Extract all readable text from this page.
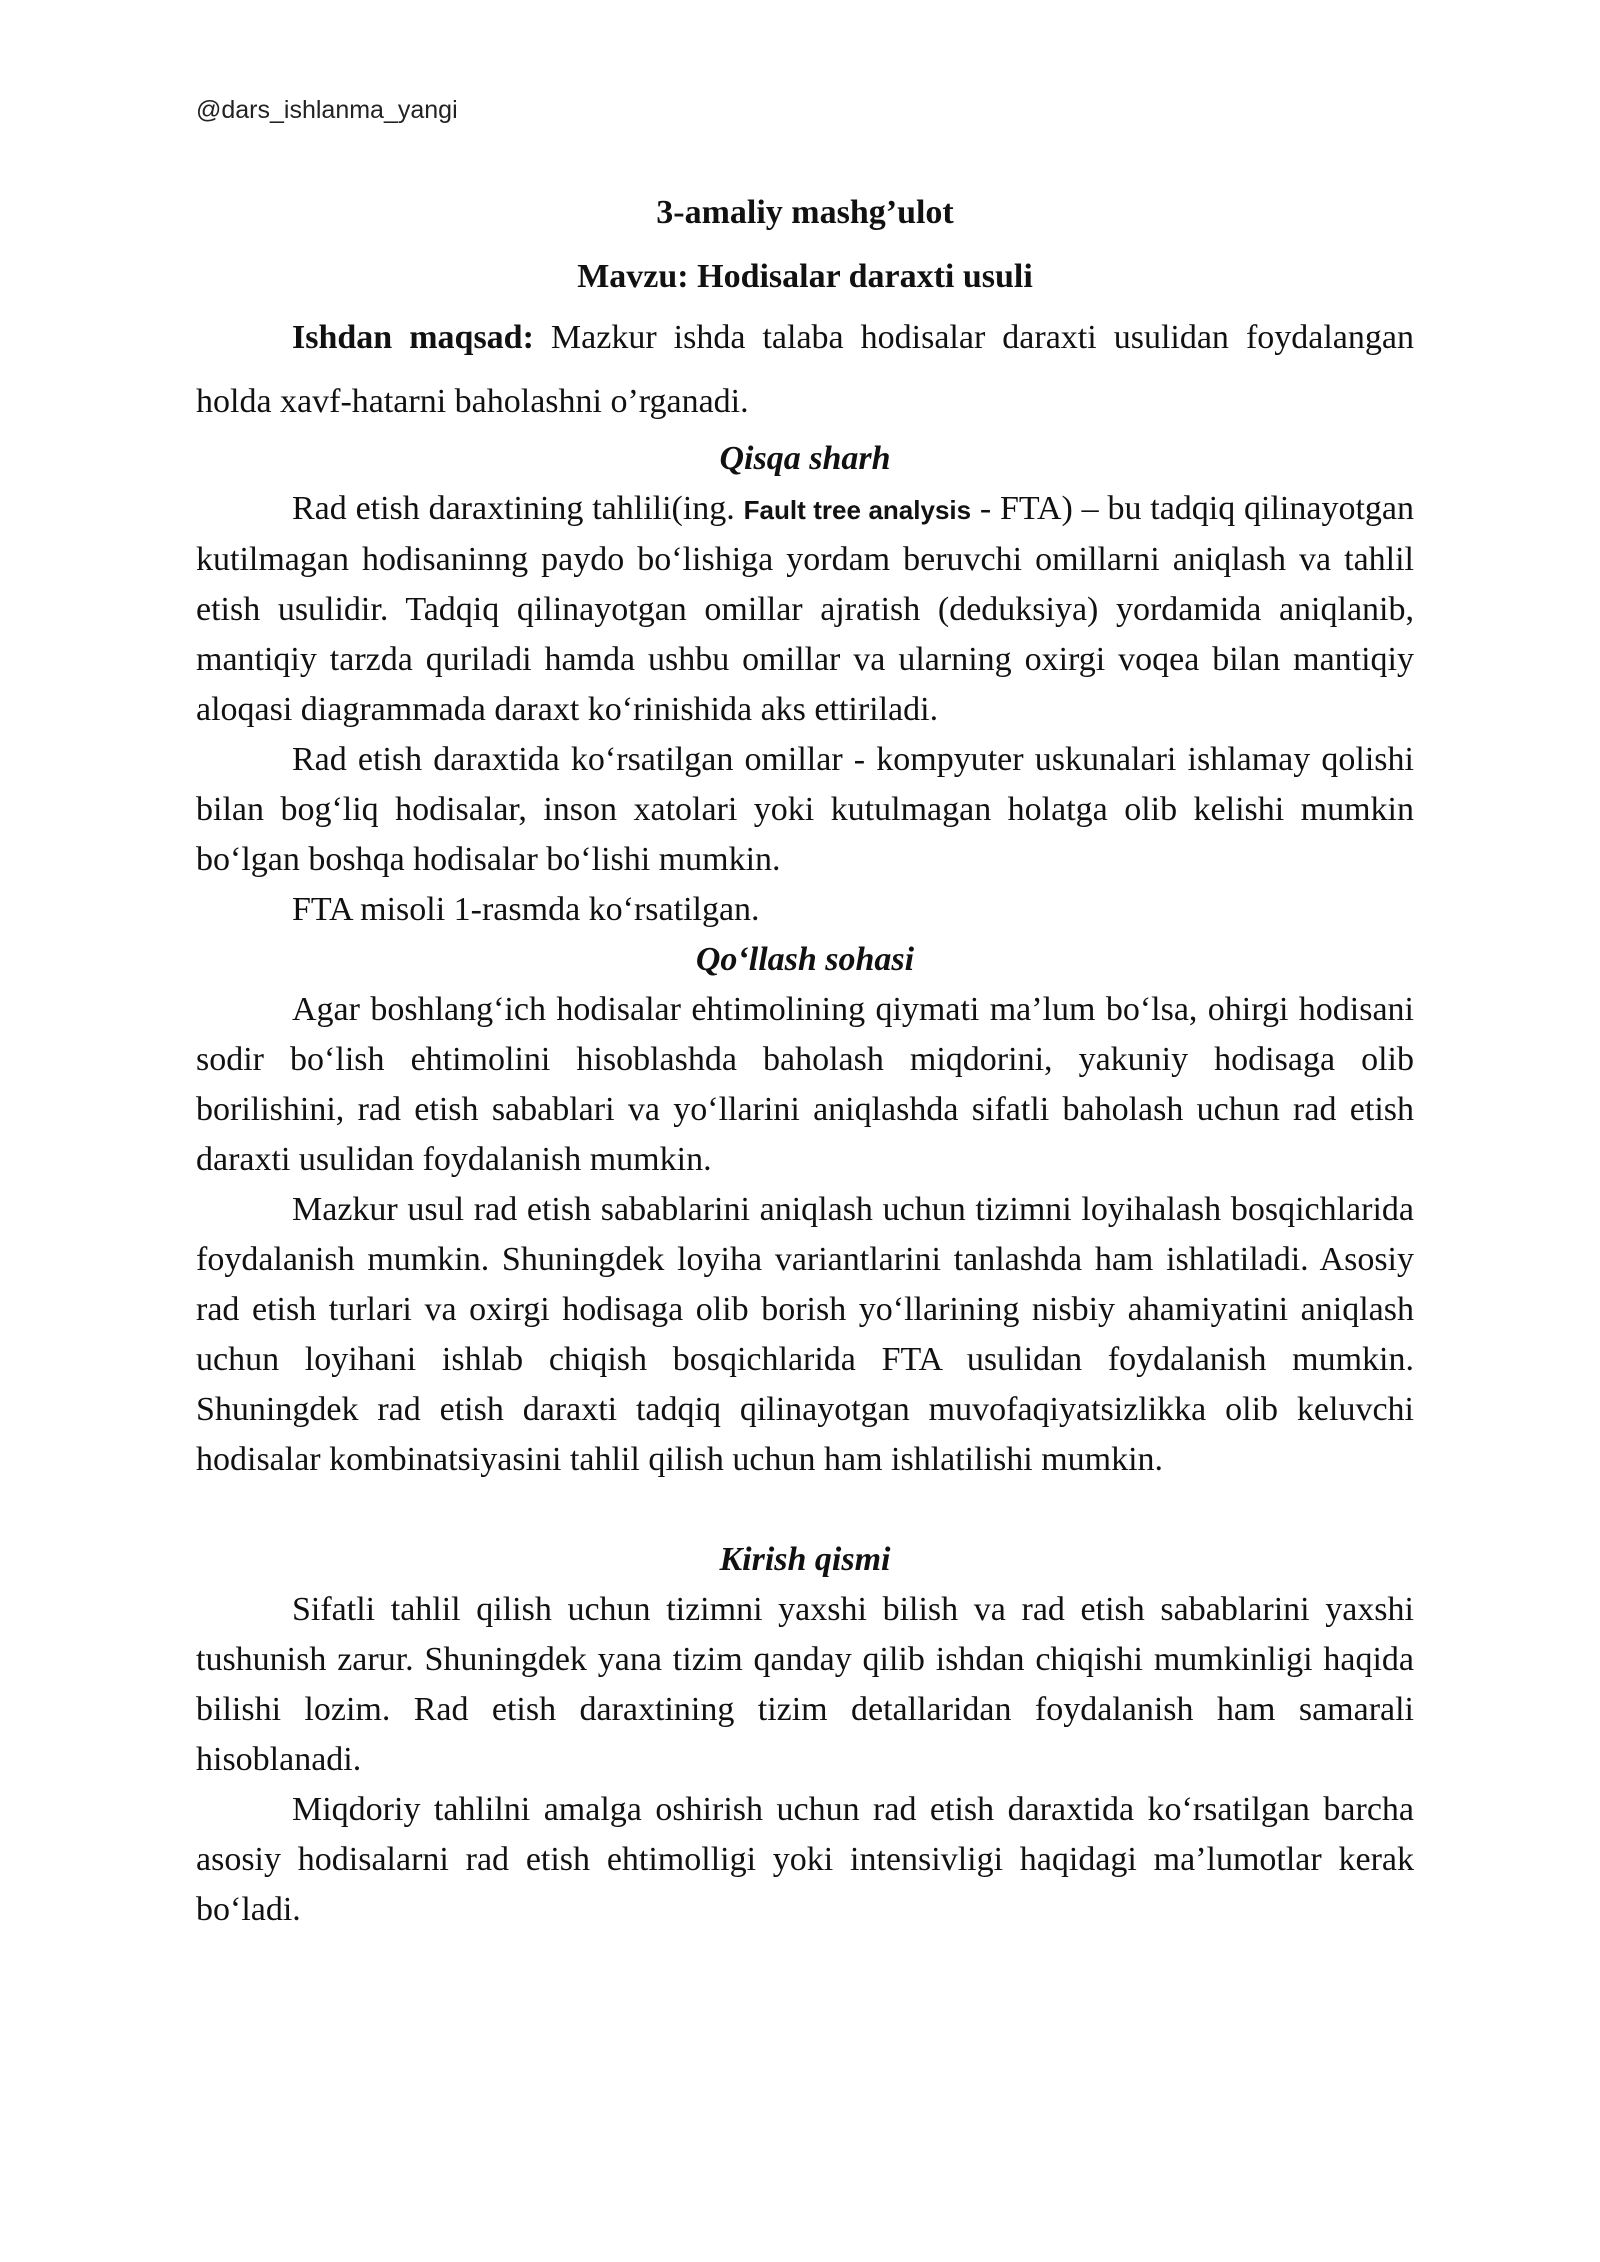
@dars_ishlanma_yangi
3-amaliy mashg’ulot
Mavzu: Hodisalar daraxti usuli

Ishdan maqsad: Mazkur ishda talaba hodisalar daraxti usulidan foydalangan holda xavf-hatarni baholashni o’rganadi.

Qisqa sharh

Rad etish daraxtining tahlili(ing. Fault tree analysis - FTA) – bu tadqiq qilinayotgan kutilmagan hodisaninng paydo bo‘lishiga yordam beruvchi omillarni aniqlash va tahlil etish usulidir. Tadqiq qilinayotgan omillar ajratish (deduksiya) yordamida aniqlanib, mantiqiy tarzda quriladi hamda ushbu omillar va ularning oxirgi voqea bilan mantiqiy aloqasi diagrammada daraxt ko‘rinishida aks ettiriladi.

Rad etish daraxtida ko‘rsatilgan omillar - kompyuter uskunalari ishlamay qolishi bilan bog‘liq hodisalar, inson xatolari yoki kutulmagan holatga olib kelishi mumkin bo‘lgan boshqa hodisalar bo‘lishi mumkin.

FTA misoli 1-rasmda ko‘rsatilgan.

Qo‘llash sohasi

Agar boshlang‘ich hodisalar ehtimolining qiymati ma’lum bo‘lsa, ohirgi hodisani sodir bo‘lish ehtimolini hisoblashda baholash miqdorini, yakuniy hodisaga olib borilishini, rad etish sabablari va yo‘llarini aniqlashda sifatli baholash uchun rad etish daraxti usulidan foydalanish mumkin.

Mazkur usul rad etish sabablarini aniqlash uchun tizimni loyihalash bosqichlarida foydalanish mumkin. Shuningdek loyiha variantlarini tanlashda ham ishlatiladi. Asosiy rad etish turlari va oxirgi hodisaga olib borish yo‘llarining nisbiy ahamiyatini aniqlash uchun loyihani ishlab chiqish bosqichlarida FTA usulidan foydalanish mumkin. Shuningdek rad etish daraxti tadqiq qilinayotgan muvofaqiyatsizlikka olib keluvchi hodisalar kombinatsiyasini tahlil qilish uchun ham ishlatilishi mumkin.

Kirish qismi

Sifatli tahlil qilish uchun tizimni yaxshi bilish va rad etish sabablarini yaxshi tushunish zarur. Shuningdek yana tizim qanday qilib ishdan chiqishi mumkinligi haqida bilishi lozim. Rad etish daraxtining tizim detallaridan foydalanish ham samarali hisoblanadi.

Miqdoriy tahlilni amalga oshirish uchun rad etish daraxtida ko‘rsatilgan barcha asosiy hodisalarni rad etish ehtimolligi yoki intensivligi haqidagi ma’lumotlar kerak bo‘ladi.
